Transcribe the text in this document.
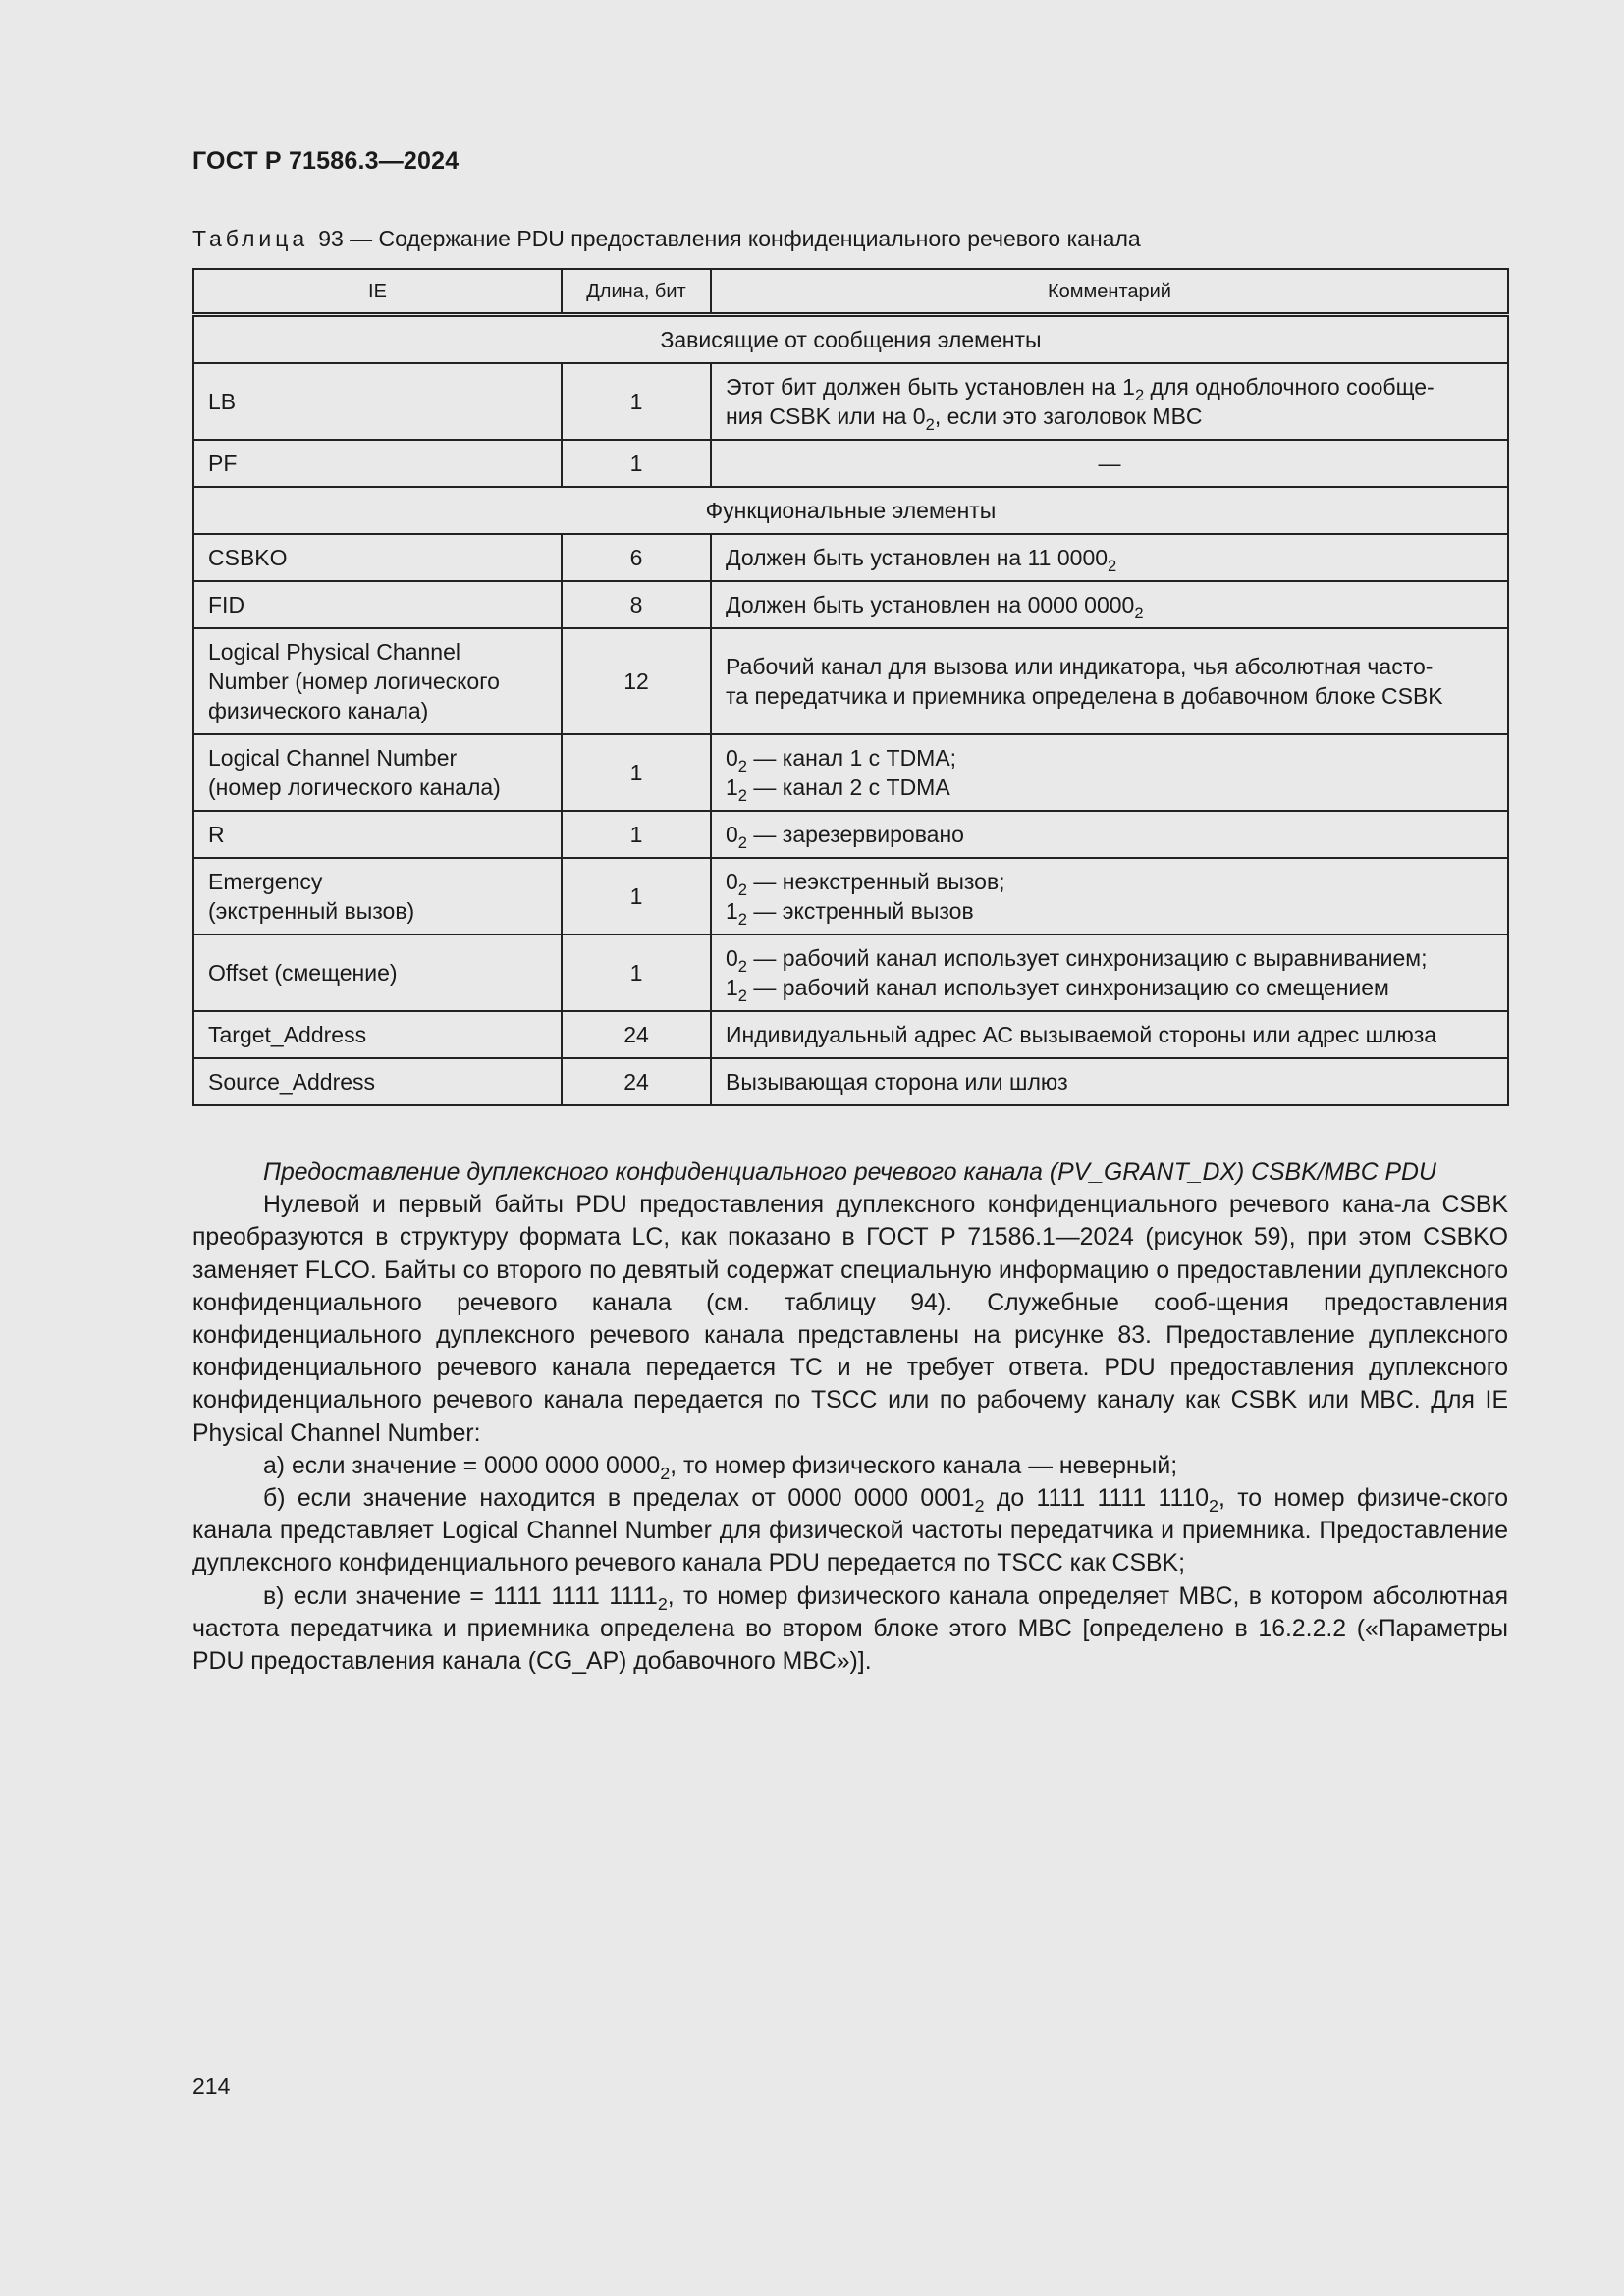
ГОСТ Р 71586.3—2024
Таблица 93 — Содержание PDU предоставления конфиденциального речевого канала
IE	Длина, бит	Комментарий
Зависящие от сообщения элементы		
LB	1	Этот бит должен быть установлен на $1_2$ для одноблочного сообще-
ния CSBK или на $0_2$, если это заголовок MBC
PF	1	—
Функциональные элементы		
CSBKO	6	Должен быть установлен на 11 $0000_2$
FID	8	Должен быть установлен на 0000 $0000_2$
Logical Physical Channel
Number (номер логического
физического канала)	12	Рабочий канал для вызова или индикатора, чья абсолютная часто-
та передатчика и приемника определена в добавочном блоке CSBK
Logical Channel Number
(номер логического канала)	1	$0_2$ — канал 1 с TDMA;
$1_2$ — канал 2 с TDMA
R	1	$0_2$ — зарезервировано
Emergency
(экстренный вызов)	1	$0_2$ — неэкстренный вызов;
$1_2$ — экстренный вызов
Offset (смещение)	1	$0_2$ — рабочий канал использует синхронизацию с выравниванием;
$1_2$ — рабочий канал использует синхронизацию со смещением
Target_Address	24	Индивидуальный адрес АС вызываемой стороны или адрес шлюза
Source_Address	24	Вызывающая сторона или шлюз

Предоставление дуплексного конфиденциального речевого канала (PV_GRANT_DX) CSBK/MBC PDU

Нулевой и первый байты PDU предоставления дуплексного конфиденциального речевого кана-ла CSBK преобразуются в структуру формата LC, как показано в ГОСТ Р 71586.1—2024 (рисунок 59), при этом CSBKO заменяет FLCO. Байты со второго по девятый содержат специальную информацию о предоставлении дуплексного конфиденциального речевого канала (см. таблицу 94). Служебные сооб-щения предоставления конфиденциального дуплексного речевого канала представлены на рисунке 83. Предоставление дуплексного конфиденциального речевого канала передается ТС и не требует ответа. PDU предоставления дуплексного конфиденциального речевого канала передается по TSCC или по рабочему каналу как CSBK или MBC. Для IE Physical Channel Number:

а) если значение = 0000 0000 $0000_2$, то номер физического канала — неверный;

б) если значение находится в пределах от 0000 0000 $0001_2$ до 1111 1111 $1110_2$, то номер физиче-ского канала представляет Logical Channel Number для физической частоты передатчика и приемника. Предоставление дуплексного конфиденциального речевого канала PDU передается по TSCC как CSBK;

в) если значение = 1111 1111 $1111_2$, то номер физического канала определяет MBC, в котором абсолютная частота передатчика и приемника определена во втором блоке этого MBC [определено в 16.2.2.2 («Параметры PDU предоставления канала (CG_AP) добавочного MBC»)].

214
